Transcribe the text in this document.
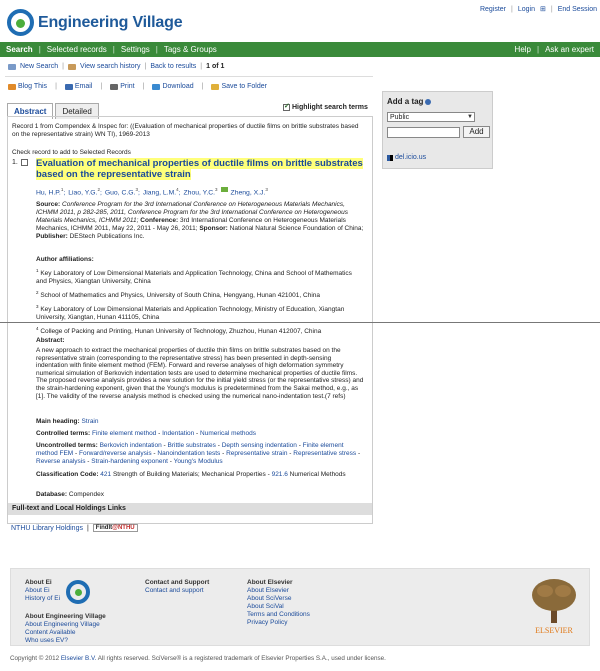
Engineering Village
Register | Login ⊞ | End Session
Search | Selected records | Settings | Tags & Groups	Help | Ask an expert
New Search | View search history | Back to results | 1 of 1
Blog This |	Email |	Print |	Download |	Save to Folder
Abstract	Detailed
✓	Highlight search terms
Record 1 from Compendex & Inspec for: ((Evaluation of mechanical properties of ductile films on brittle substrates based on the representative strain) WN TI), 1969-2013
Check record to add to Selected Records
1. Evaluation of mechanical properties of ductile films on brittle substrates based on the representative strain
Hu, H.P.$^1$; Liao, Y.G.$^2$; Guo, C.G.$^3$; Jiang, L.M.$^4$; Zhou, Y.C.$^3$ Zheng, X.J.$^3$
Source: Conference Program for the 3rd International Conference on Heterogeneous Materials Mechanics, ICHMM 2011, p 282-285, 2011, Conference Program for the 3rd International Conference on Heterogeneous Materials Mechanics, ICHMM 2011; Conference: 3rd International Conference on Heterogeneous Materials Mechanics, ICHMM 2011, May 22, 2011 - May 26, 2011; Sponsor: National Natural Science Foundation of China; Publisher: DEStech Publications Inc.
Author affiliations:
$^1$ Key Laboratory of Low Dimensional Materials and Application Technology, China and School of Mathematics and Physics, Xiangtan University, China
$^2$ School of Mathematics and Physics, University of South China, Hengyang, Hunan 421001, China
$^3$ Key Laboratory of Low Dimensional Materials and Application Technology, Ministry of Education, Xiangtan University, Xiangtan, Hunan 411105, China
$^4$ College of Packing and Printing, Hunan University of Technology, Zhuzhou, Hunan 412007, China
Abstract:
A new approach to extract the mechanical properties of ductile thin films on brittle substrates based on the representative strain (corresponding to the representative stress) has been presented in depth-sensing indentation with finite element method (FEM). Forward and reverse analyses of high deformation symmetry numerical simulation of Berkovich indentation tests are used to determine mechanical properties of ductile films. The proposed reverse analysis provides a new solution for the initial yield stress (or the representative stress) and the strain-hardening exponent, given that the Young's modulus is predetermined from the Sakai method, e.g., as [1]. The validity of the reverse analysis method is checked using the numerical nano-indentation test.(7 refs)
Main heading: Strain
Controlled terms: Finite element method - Indentation - Numerical methods
Uncontrolled terms: Berkovich indentation - Brittle substrates - Depth sensing indentation - Finite element method FEM - Forward/reverse analysis - Nanoindentation tests - Representative strain - Representative stress - Reverse analysis - Strain-hardening exponent - Young's Modulus
Classification Code: 421 Strength of Building Materials; Mechanical Properties - 921.6 Numerical Methods
Database: Compendex
Full-text and Local Holdings Links
NTHU Library Holdings |	FindIt@NTHU
Add a tag
Public	▼
Add
del.icio.us
About Ei
About Ei
History of Ei
About Engineering Village
About Engineering Village
Content Available
Who uses EV?
Contact and Support
Contact and support
About Elsevier
About Elsevier
About SciVerse
About SciVal
Terms and Conditions
Privacy Policy
ELSEVIER
Copyright © 2012 Elsevier B.V. All rights reserved. SciVerse® is a registered trademark of Elsevier Properties S.A., used under license.
